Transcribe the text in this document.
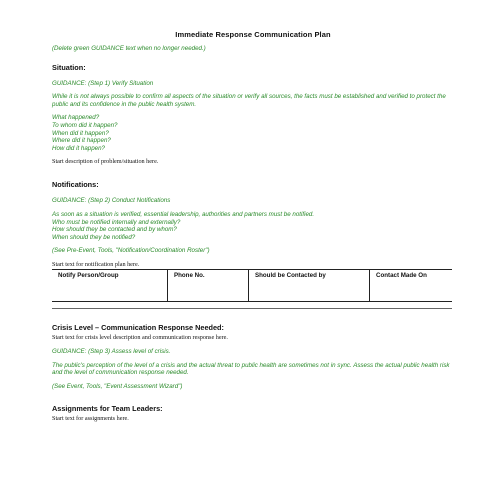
Immediate Response Communication Plan

(Delete green GUIDANCE text when no longer needed.)

Situation:

GUIDANCE: (Step 1) Verify Situation

While it is not always possible to confirm all aspects of the situation or verify all sources, the facts must be established and verified to protect the public and its confidence in the public health system.

What happened?

To whom did it happen?

When did it happen?

Where did it happen?

How did it happen?

Start description of problem/situation here.

Notifications:

GUIDANCE: (Step 2) Conduct Notifications

As soon as a situation is verified, essential leadership, authorities and partners must be notified.

Who must be notified internally and externally?

How should they be contacted and by whom?

When should they be notified?

(See Pre-Event, Tools, "Notification/Coordination Roster")

Start text for notification plan here.

Notify Person/Group	Phone No.	Should be Contacted by	Contact Made On

Crisis Level – Communication Response Needed:

Start text for crisis level description and communication response here.

GUIDANCE: (Step 3) Assess level of crisis.

The public's perception of the level of a crisis and the actual threat to public health are sometimes not in sync. Assess the actual public health risk and the level of communication response needed.

(See Event, Tools, "Event Assessment Wizard")

Assignments for Team Leaders:

Start text for assignments here.
